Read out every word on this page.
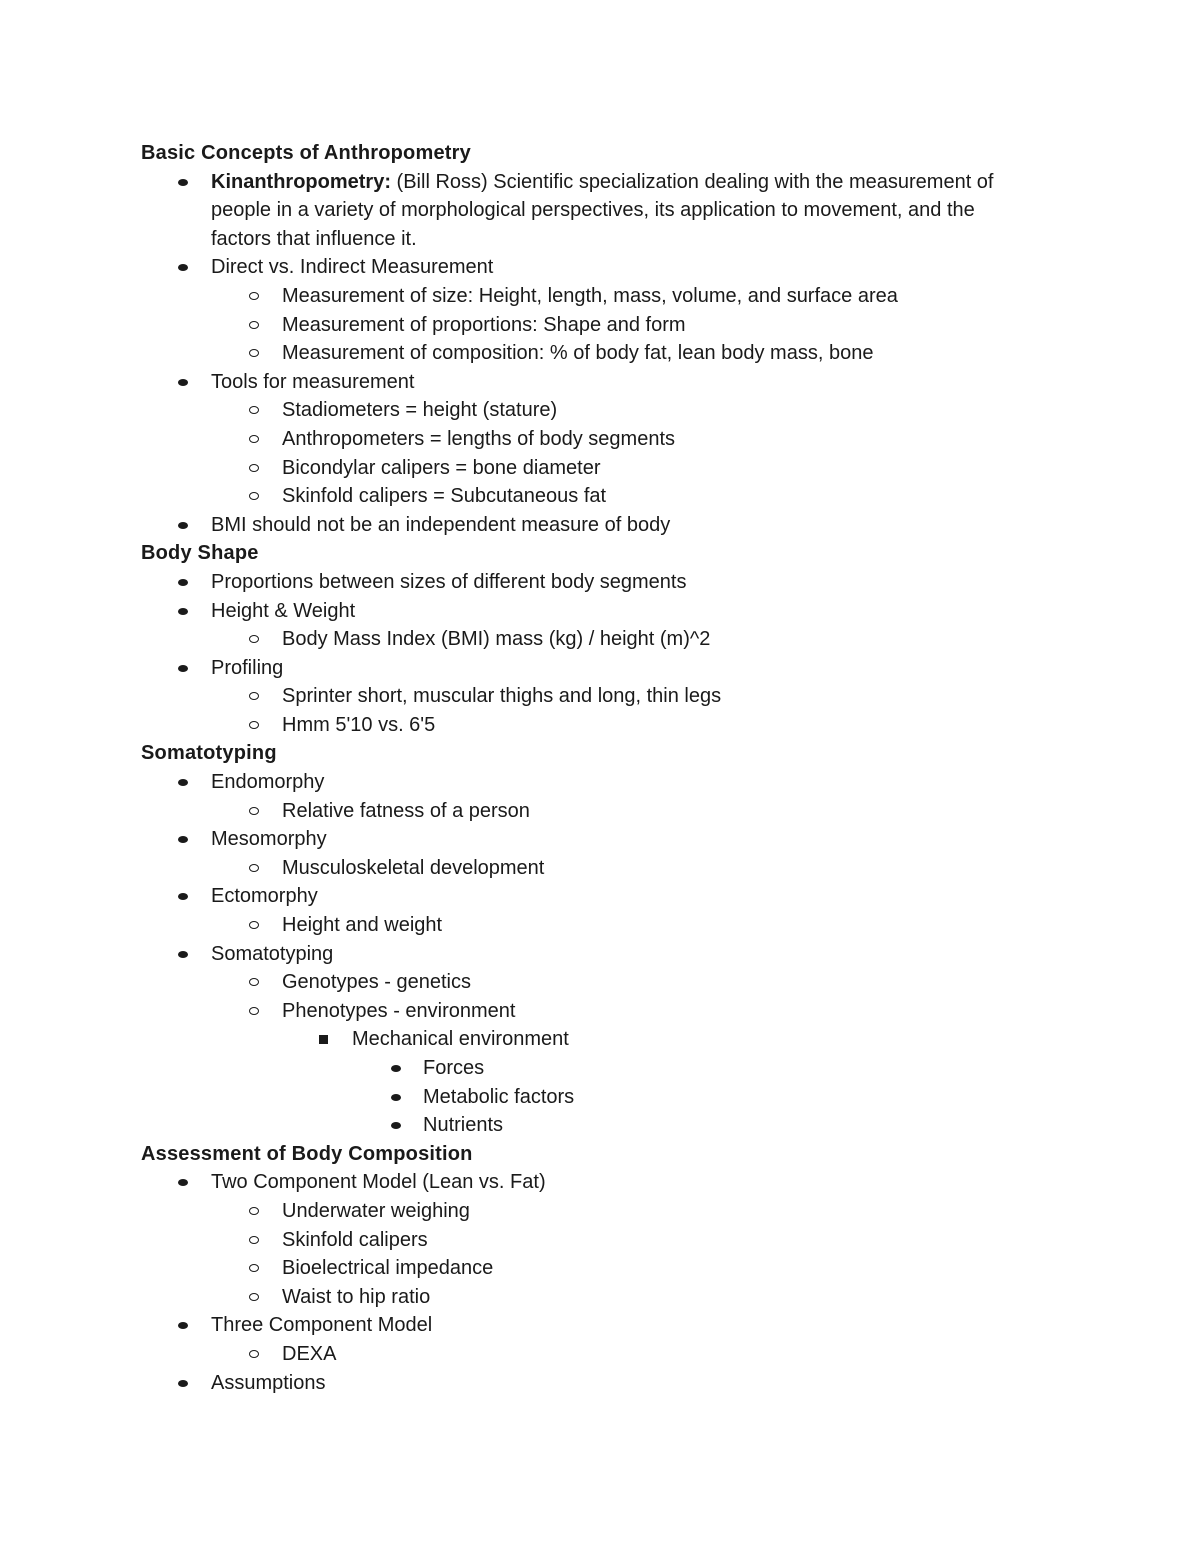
Basic Concepts of Anthropometry
Kinanthropometry: (Bill Ross) Scientific specialization dealing with the measurement of
people in a variety of morphological perspectives, its application to movement, and the
factors that influence it.
Direct vs. Indirect Measurement
Measurement of size: Height, length, mass, volume, and surface area
Measurement of proportions: Shape and form
Measurement of composition: % of body fat, lean body mass, bone
Tools for measurement
Stadiometers = height (stature)
Anthropometers = lengths of body segments
Bicondylar calipers = bone diameter
Skinfold calipers = Subcutaneous fat
BMI should not be an independent measure of body
Body Shape
Proportions between sizes of different body segments
Height & Weight
Body Mass Index (BMI) mass (kg) / height (m)^2
Profiling
Sprinter short, muscular thighs and long, thin legs
Hmm 5'10 vs. 6'5
Somatotyping
Endomorphy
Relative fatness of a person
Mesomorphy
Musculoskeletal development
Ectomorphy
Height and weight
Somatotyping
Genotypes - genetics
Phenotypes - environment
Mechanical environment
Forces
Metabolic factors
Nutrients
Assessment of Body Composition
Two Component Model (Lean vs. Fat)
Underwater weighing
Skinfold calipers
Bioelectrical impedance
Waist to hip ratio
Three Component Model
DEXA
Assumptions
